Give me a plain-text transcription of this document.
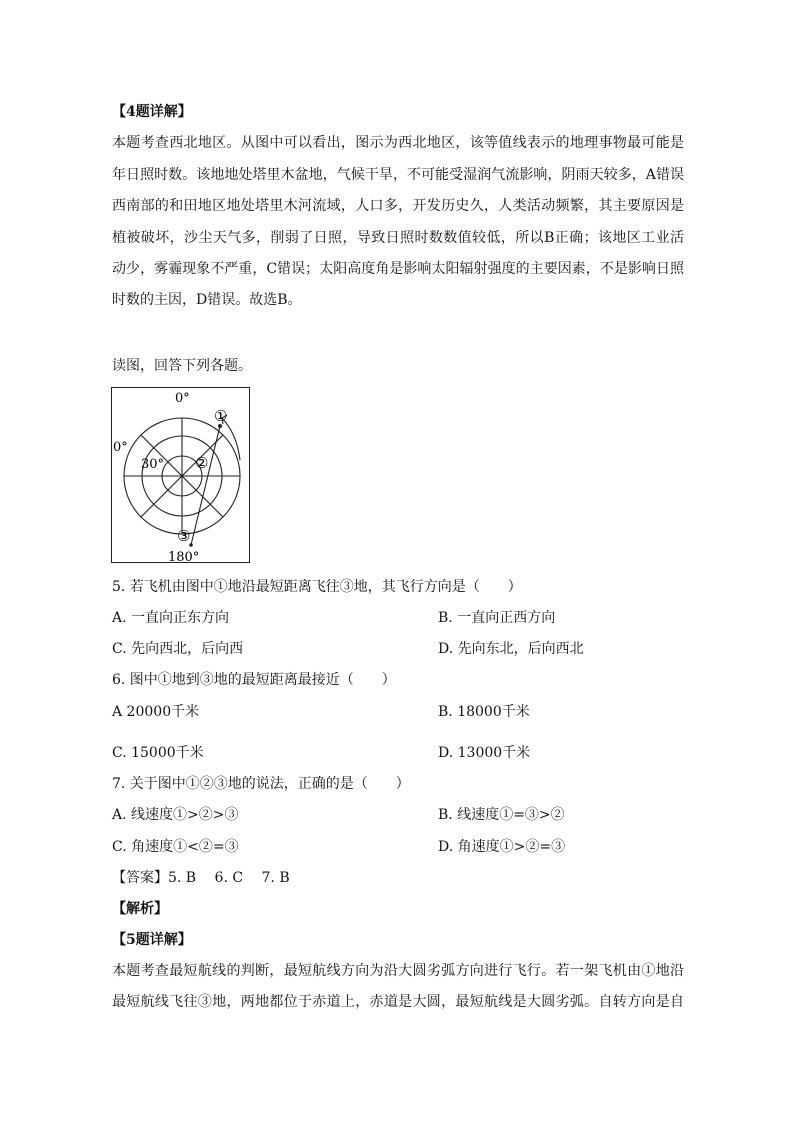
【4题详解】
本题考查西北地区。从图中可以看出，图示为西北地区，该等值线表示的地理事物最可能是
年日照时数。该地地处塔里木盆地，气候干旱，不可能受湿润气流影响，阴雨天较多，A错误
西南部的和田地区地处塔里木河流域，人口多，开发历史久，人类活动频繁，其主要原因是
植被破坏，沙尘天气多，削弱了日照，导致日照时数数值较低，所以B正确；该地区工业活
动少，雾霾现象不严重，C错误；太阳高度角是影响太阳辐射强度的主要因素，不是影响日照
时数的主因，D错误。故选B。
读图，回答下列各题。
0°
0°
30°
180°
①
②
③
5. 若飞机由图中①地沿最短距离飞往③地，其飞行方向是（　　）
A. 一直向正东方向	B. 一直向正西方向
C. 先向西北，后向西	D. 先向东北，后向西北
6. 图中①地到③地的最短距离最接近（　　）
A 20000千米	B. 18000千米
C. 15000千米	D. 13000千米
7. 关于图中①②③地的说法，正确的是（　　）
A. 线速度①>②>③	B. 线速度①=③>②
C. 角速度①<②=③	D. 角速度①>②=③
【答案】5. B　 6. C　 7. B
【解析】
【5题详解】
本题考查最短航线的判断，最短航线方向为沿大圆劣弧方向进行飞行。若一架飞机由①地沿
最短航线飞往③地，两地都位于赤道上，赤道是大圆，最短航线是大圆劣弧。自转方向是自
